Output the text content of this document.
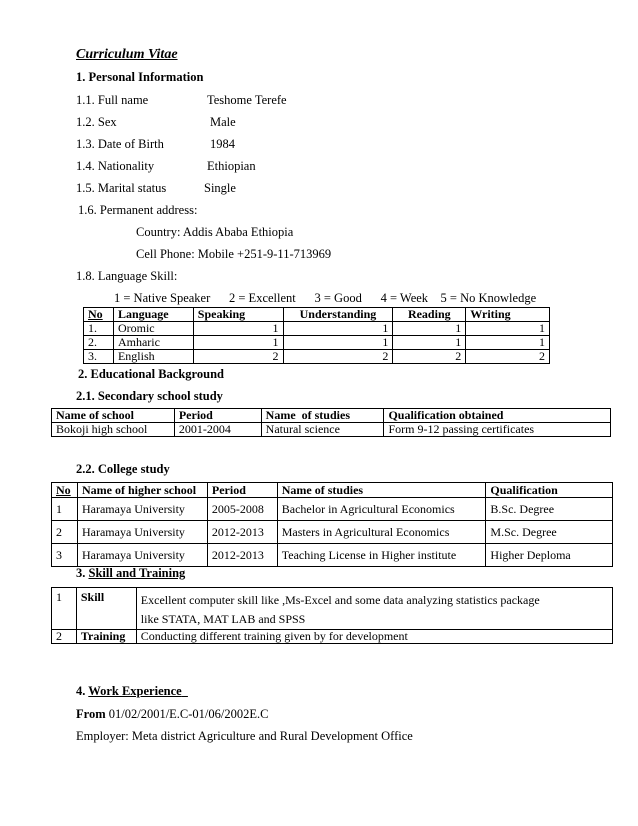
Curriculum Vitae
1. Personal Information
1.1. Full name	Teshome Terefe
1.2. Sex	Male
1.3. Date of Birth	1984
1.4. Nationality	Ethiopian
1.5. Marital status	Single
1.6. Permanent address:
Country: Addis Ababa Ethiopia
Cell Phone: Mobile +251-9-11-713969
1.8. Language Skill:
1 = Native Speaker      2 = Excellent      3 = Good      4 = Week    5 = No Knowledge
No	Language	Speaking	Understanding	Reading	Writing
1.	Oromic	1	1	1	1
2.	Amharic	1	1	1	1
3.	English	2	2	2	2
2. Educational Background
2.1. Secondary school study
Name of school	Period	Name  of studies	Qualification obtained
Bokoji high school	2001-2004	Natural science	Form 9-12 passing certificates
2.2. College study
No	Name of higher school	Period	Name of studies	Qualification
1	Haramaya University	2005-2008	Bachelor in Agricultural Economics	B.Sc. Degree
2	Haramaya University	2012-2013	Masters in Agricultural Economics	M.Sc. Degree
3	Haramaya University	2012-2013	Teaching License in Higher institute	Higher Deploma
3. Skill and Training
1	Skill	Excellent computer skill like ,Ms-Excel and some data analyzing statistics package
like STATA, MAT LAB and SPSS

2	Training	Conducting different training given by for development
4. Work Experience
From 01/02/2001/E.C-01/06/2002E.C
Employer: Meta district Agriculture and Rural Development Office
